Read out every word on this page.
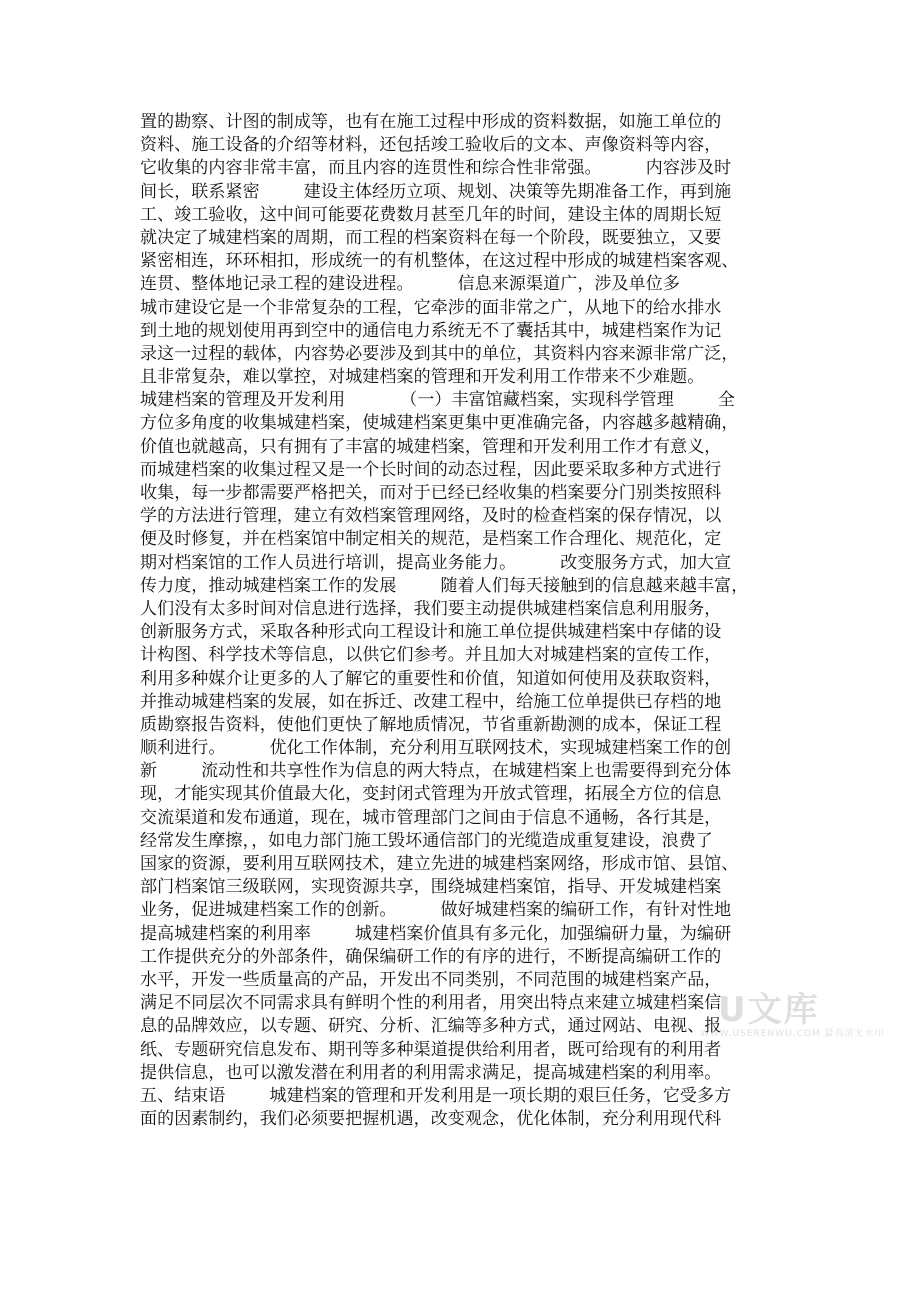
置的勘察、计图的制成等，也有在施工过程中形成的资料数据，如施工单位的
资料、施工设备的介绍等材料，还包括竣工验收后的文本、声像资料等内容，
它收集的内容非常丰富，而且内容的连贯性和综合性非常强。        内容涉及时
间长，联系紧密        建设主体经历立项、规划、决策等先期准备工作，再到施
工、竣工验收，这中间可能要花费数月甚至几年的时间，建设主体的周期长短
就决定了城建档案的周期，而工程的档案资料在每一个阶段，既要独立，又要
紧密相连，环环相扣，形成统一的有机整体，在这过程中形成的城建档案客观、
连贯、整体地记录工程的建设进程。        信息来源渠道广，涉及单位多
城市建设它是一个非常复杂的工程，它牵涉的面非常之广，从地下的给水排水
到土地的规划使用再到空中的通信电力系统无不了囊括其中，城建档案作为记
录这一过程的载体，内容势必要涉及到其中的单位，其资料内容来源非常广泛，
且非常复杂，难以掌控，对城建档案的管理和开发利用工作带来不少难题。
城建档案的管理及开发利用          （一）丰富馆藏档案，实现科学管理        全
方位多角度的收集城建档案，使城建档案更集中更准确完备，内容越多越精确，
价值也就越高，只有拥有了丰富的城建档案，管理和开发利用工作才有意义，
而城建档案的收集过程又是一个长时间的动态过程，因此要采取多种方式进行
收集，每一步都需要严格把关，而对于已经已经收集的档案要分门别类按照科
学的方法进行管理，建立有效档案管理网络，及时的检查档案的保存情况，以
便及时修复，并在档案馆中制定相关的规范，是档案工作合理化、规范化，定
期对档案馆的工作人员进行培训，提高业务能力。        改变服务方式，加大宣
传力度，推动城建档案工作的发展        随着人们每天接触到的信息越来越丰富，
人们没有太多时间对信息进行选择，我们要主动提供城建档案信息利用服务，
创新服务方式，采取各种形式向工程设计和施工单位提供城建档案中存储的设
计构图、科学技术等信息，以供它们参考。并且加大对城建档案的宣传工作，
利用多种媒介让更多的人了解它的重要性和价值，知道如何使用及获取资料，
并推动城建档案的发展，如在拆迁、改建工程中，给施工位单提供已存档的地
质勘察报告资料，使他们更快了解地质情况，节省重新勘测的成本，保证工程
顺利进行。        优化工作体制，充分利用互联网技术，实现城建档案工作的创
新        流动性和共享性作为信息的两大特点，在城建档案上也需要得到充分体
现，才能实现其价值最大化，变封闭式管理为开放式管理，拓展全方位的信息
交流渠道和发布通道，现在，城市管理部门之间由于信息不通畅，各行其是，
经常发生摩擦，，如电力部门施工毁坏通信部门的光缆造成重复建设，浪费了
国家的资源，要利用互联网技术，建立先进的城建档案网络，形成市馆、县馆、
部门档案馆三级联网，实现资源共享，围绕城建档案馆，指导、开发城建档案
业务，促进城建档案工作的创新。        做好城建档案的编研工作，有针对性地
提高城建档案的利用率        城建档案价值具有多元化，加强编研力量，为编研
工作提供充分的外部条件，确保编研工作的有序的进行，不断提高编研工作的
水平，开发一些质量高的产品，开发出不同类别，不同范围的城建档案产品，
满足不同层次不同需求具有鲜明个性的利用者，用突出特点来建立城建档案信
息的品牌效应，以专题、研究、分析、汇编等多种方式，通过网站、电视、报
纸、专题研究信息发布、期刊等多种渠道提供给利用者，既可给现有的利用者
提供信息，也可以激发潜在利用者的利用需求满足，提高城建档案的利用率。
五、结束语        城建档案的管理和开发利用是一项长期的艰巨任务，它受多方
面的因素制约，我们必须要把握机遇，改变观念，优化体制，充分利用现代科
U文库
WWW.USERENWU.COM 最高清无水印
